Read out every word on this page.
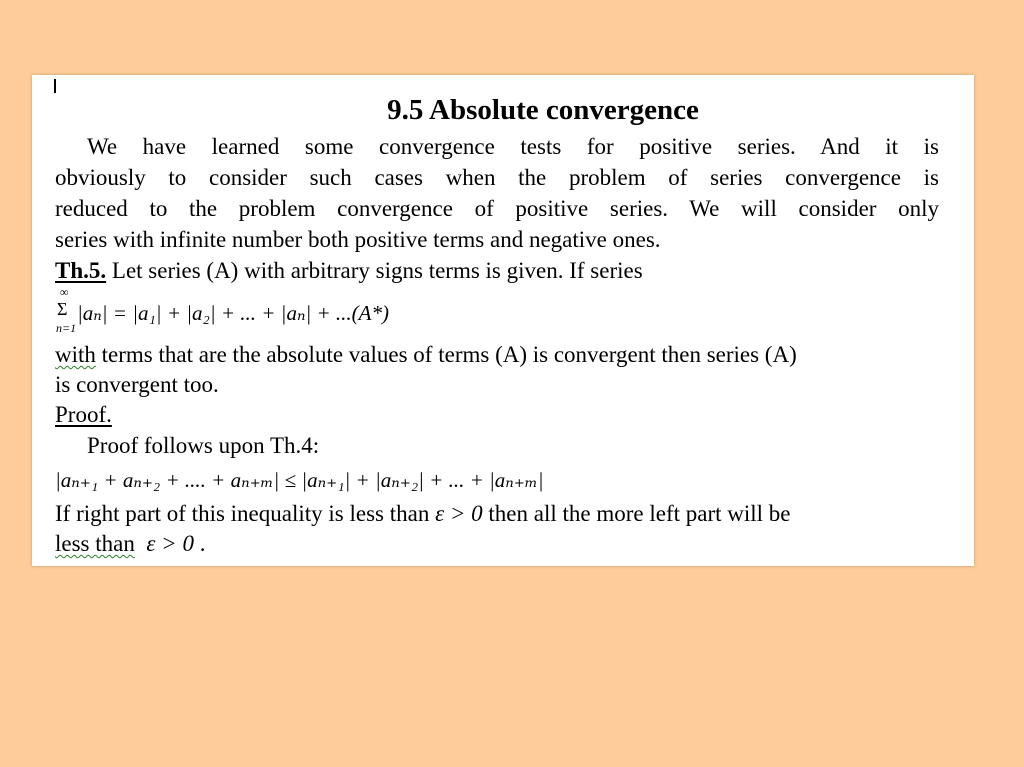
9.5 Absolute convergence
We have learned some convergence tests for positive series. And it is
obviously to consider such cases when the problem of series convergence is
reduced to the problem convergence of positive series. We will consider only
series with infinite number both positive terms and negative ones.
Th.5. Let series (A) with arbitrary signs terms is given. If series
∞
Σ
n=1
|aₙ| = |a₁| + |a₂| + ... + |aₙ| + ...(A*)
with terms that are the absolute values of terms (A) is convergent then series (A)
is convergent too.
Proof.
Proof follows upon Th.4:
|aₙ₊₁ + aₙ₊₂ + .... + aₙ₊ₘ| ≤ |aₙ₊₁| + |aₙ₊₂| + ... + |aₙ₊ₘ|
If right part of this inequality is less than ε > 0 then all the more left part will be
less than ε > 0 .
